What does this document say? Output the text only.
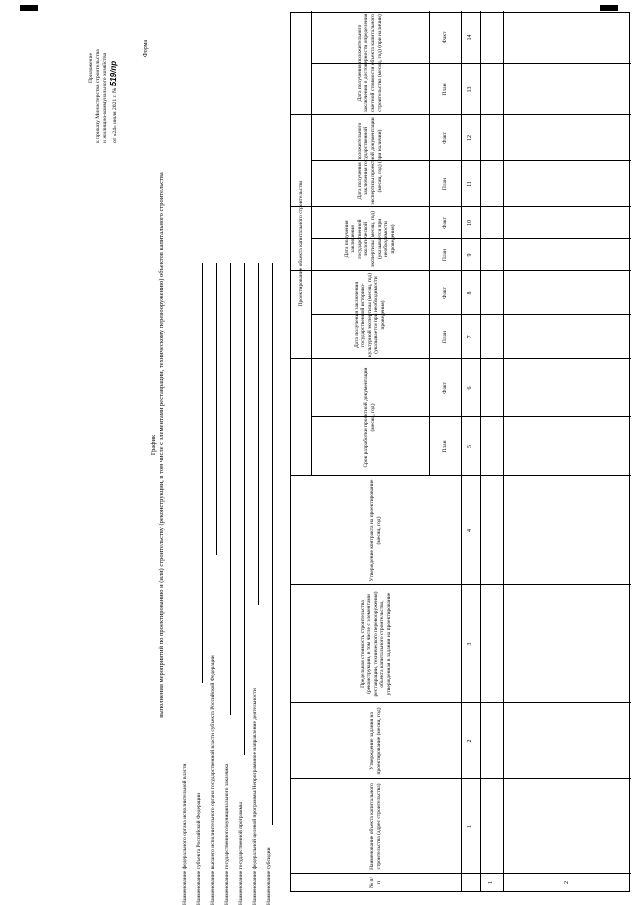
Приложение к приказу Министерства строительства и жилищно-коммунального хозяйства от «24» июля 2021 г. № 519/пр
Форма
График выполнения мероприятий по проектированию и (или) строительству (реконструкции, в том числе с элементами реставрации, техническому перевооружению) объектов капитального строительства
Наименование федерального органа исполнительной власти Наименование субъекта Российской Федерации Наименование высшего исполнительного органа государственной власти субъекта Российской Федерации Наименование государственного/муниципального заказчика Наименование государственной программы Наименование федеральной целевой программы/Непрограммное направление деятельности Наименование субсидии	№ п/п
Наименование объекта капитального строительства (адрес строительства)
Утверждение задания на проектирование (месяц, год)
Предельная стоимость строительства (реконструкции, в том числе с элементами реставрации, технического перевооружения) объекта капитального строительства, утвержденная в задании на проектирование
Утверждение контракта на проектирование (месяц, год)
Проектирование объекта капитального строительства
Срок разработки проектной документации (месяц, год)
Дата получения заключения государственной историко-культурной экспертизы (месяц, год) (указывается при необходимости проведения)
Дата получения заключения государственной экологической экспертизы (месяц, год) (указывается при необходимости проведения)
Дата получения положительного заключения государственной экспертизы проектной документации (месяц, год) (при наличии)
Дата получения положительного заключения о достоверности определения сметной стоимости объекта капитального строительства (месяц, год) (при наличии)
План
Факт
План
Факт
План
Факт
План
Факт
План
Факт
1
2
3
4
5
6
7
8
9
10
11
12
13
14
1	2
